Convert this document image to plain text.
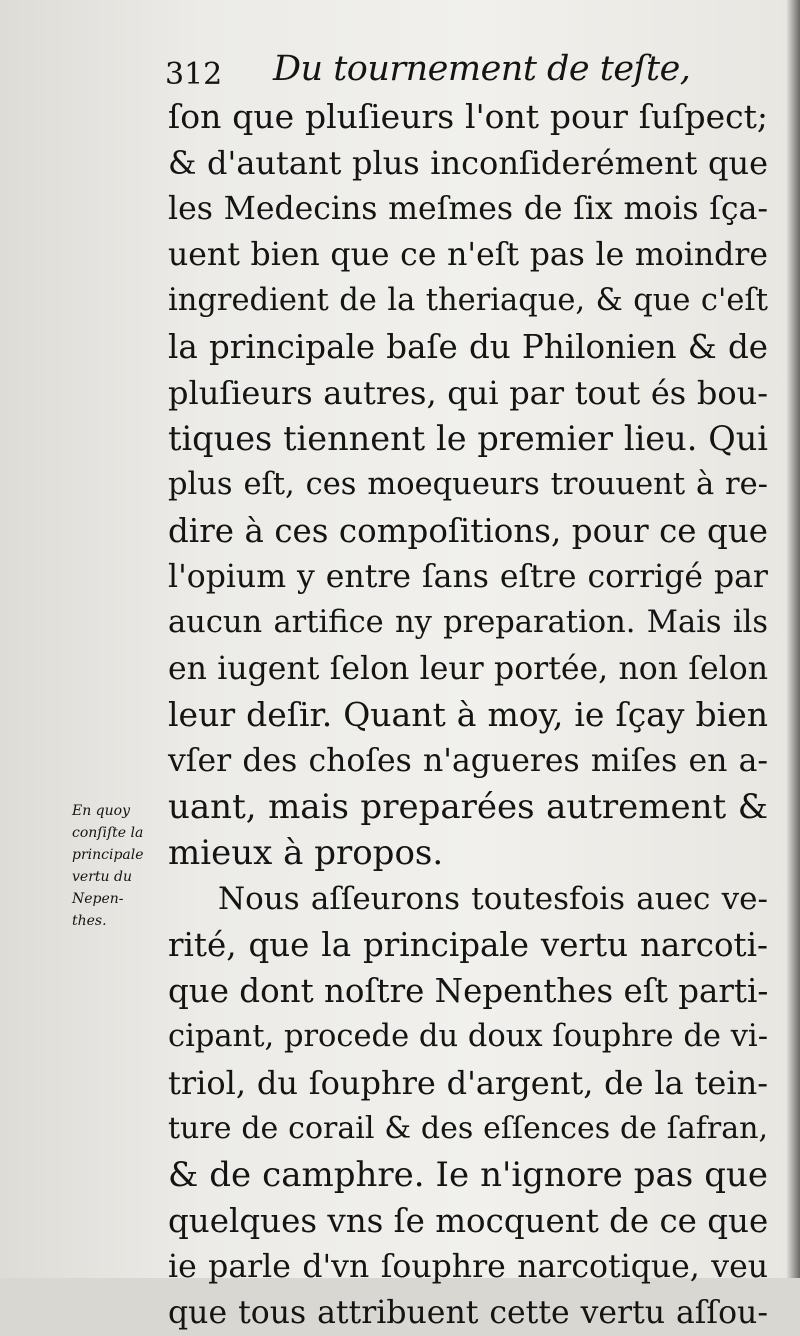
312 Du tournement de teſte,
En quoy
conſiſte la
principale
vertu du
Nepen-
thes.
ſon que pluſieurs l'ont pour ſuſpect;
& d'autant plus inconſiderément que
les Medecins meſmes de ſix mois ſça-
uent bien que ce n'eſt pas le moindre
ingredient de la theriaque, & que c'eſt
la principale baſe du Philonien & de
pluſieurs autres, qui par tout és bou-
tiques tiennent le premier lieu. Qui
plus eſt, ces moequeurs trouuent à re-
dire à ces compoſitions, pour ce que
l'opium y entre ſans eſtre corrigé par
aucun artifice ny preparation. Mais ils
en iugent ſelon leur portée, non ſelon
leur deſir. Quant à moy, ie ſçay bien
vſer des choſes n'agueres miſes en a-
uant, mais preparées autrement &
mieux à propos.
Nous aſſeurons toutesfois auec ve-
rité, que la principale vertu narcoti-
que dont noſtre Nepenthes eſt parti-
cipant, procede du doux ſouphre de vi-
triol, du ſouphre d'argent, de la tein-
ture de corail & des eſſences de ſafran,
& de camphre. Ie n'ignore pas que
quelques vns ſe mocquent de ce que
ie parle d'vn ſouphre narcotique, veu
que tous attribuent cette vertu aſſou-
